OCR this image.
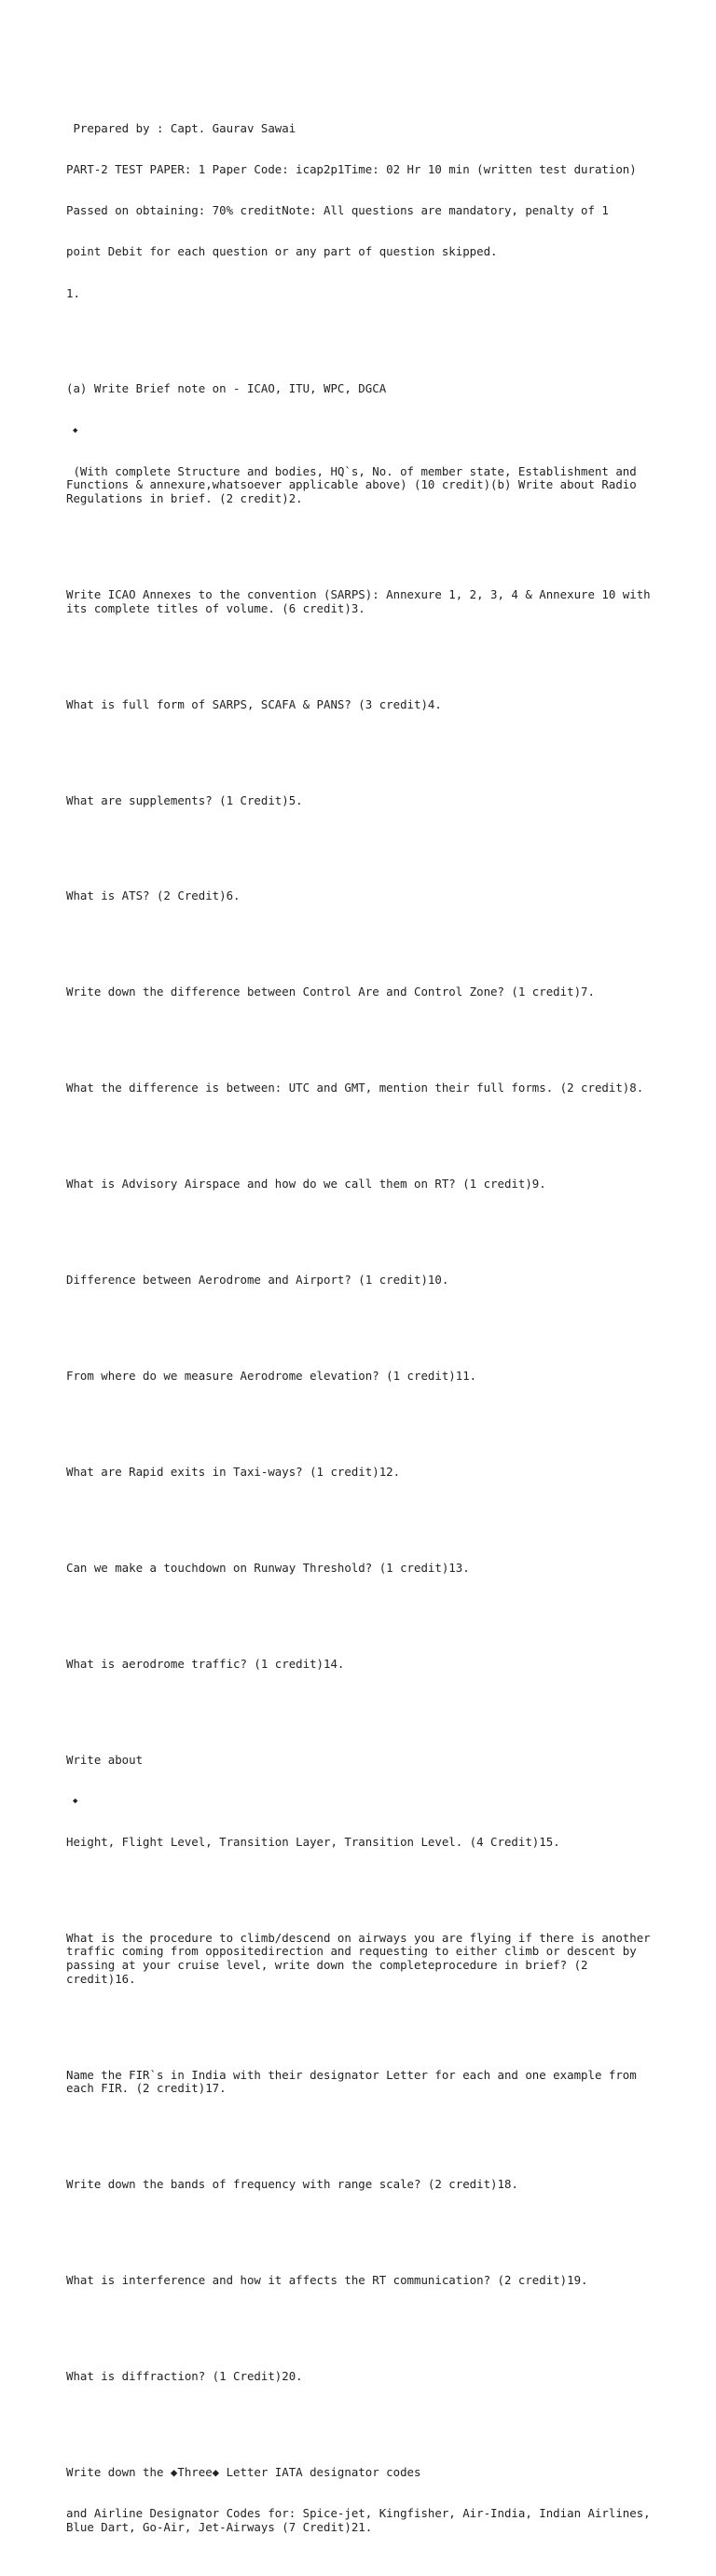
Prepared by : Capt. Gaurav Sawai

PART-2 TEST PAPER: 1 Paper Code: icap2p1Time: 02 Hr 10 min (written test duration)

Passed on obtaining: 70% creditNote: All questions are mandatory, penalty of 1

point Debit for each question or any part of question skipped.

1.

(a) Write Brief note on - ICAO, ITU, WPC, DGCA

◆

(With complete Structure and bodies, HQ`s, No. of member state, Establishment and Functions & annexure,whatsoever applicable above) (10 credit)(b) Write about Radio Regulations in brief. (2 credit)2.

Write ICAO Annexes to the convention (SARPS): Annexure 1, 2, 3, 4 & Annexure 10 with its complete titles of volume. (6 credit)3.

What is full form of SARPS, SCAFA & PANS? (3 credit)4.

What are supplements? (1 Credit)5.

What is ATS? (2 Credit)6.

Write down the difference between Control Are and Control Zone? (1 credit)7.

What the difference is between: UTC and GMT, mention their full forms. (2 credit)8.

What is Advisory Airspace and how do we call them on RT? (1 credit)9.

Difference between Aerodrome and Airport? (1 credit)10.

From where do we measure Aerodrome elevation? (1 credit)11.

What are Rapid exits in Taxi-ways? (1 credit)12.

Can we make a touchdown on Runway Threshold? (1 credit)13.

What is aerodrome traffic? (1 credit)14.

Write about

◆

Height, Flight Level, Transition Layer, Transition Level. (4 Credit)15.

What is the procedure to climb/descend on airways you are flying if there is another traffic coming from oppositedirection and requesting to either climb or descent by passing at your cruise level, write down the completeprocedure in brief? (2 credit)16.

Name the FIR`s in India with their designator Letter for each and one example from each FIR. (2 credit)17.

Write down the bands of frequency with range scale? (2 credit)18.

What is interference and how it affects the RT communication? (2 credit)19.

What is diffraction? (1 Credit)20.

Write down the ◆Three◆ Letter IATA designator codes

and Airline Designator Codes for: Spice-jet, Kingfisher, Air-India, Indian Airlines, Blue Dart, Go-Air, Jet-Airways (7 Credit)21.
